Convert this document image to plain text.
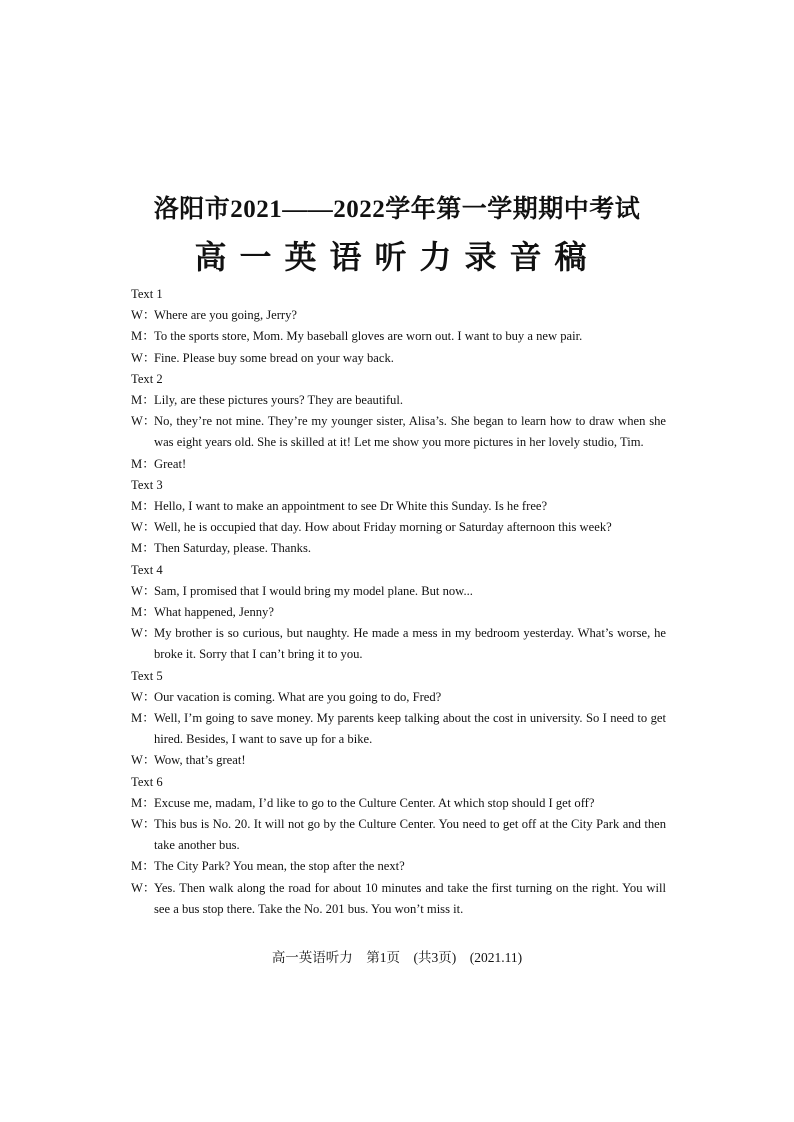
洛阳市2021——2022学年第一学期期中考试
高一英语听力录音稿
Text 1
W：
Where are you going, Jerry?
M： To the sports store, Mom. My baseball gloves are worn out. I want to buy a new pair.
W：
Fine. Please buy some bread on your way back.
Text 2
M： Lily, are these pictures yours? They are beautiful.
W：
No, they’re not mine. They’re my younger sister, Alisa’s. She began to learn how to draw when she was eight years old. She is skilled at it! Let me show you more pictures in her lovely studio, Tim.
M： Great!
Text 3
M： Hello, I want to make an appointment to see Dr White this Sunday. Is he free?
W：
Well, he is occupied that day. How about Friday morning or Saturday afternoon this week?
M： Then Saturday, please. Thanks.
Text 4
W：
Sam, I promised that I would bring my model plane. But now...
M： What happened, Jenny?
W：
My brother is so curious, but naughty. He made a mess in my bedroom yesterday. What’s worse, he broke it. Sorry that I can’t bring it to you.
Text 5
W：
Our vacation is coming. What are you going to do, Fred?
M： Well, I’m going to save money. My parents keep talking about the cost in university. So I need to get hired. Besides, I want to save up for a bike.
W：
Wow, that’s great!
Text 6
M： Excuse me, madam, I’d like to go to the Culture Center. At which stop should I get off?
W：
This bus is No. 20. It will not go by the Culture Center. You need to get off at the City Park and then take another bus.
M： The City Park? You mean, the stop after the next?
W：
Yes. Then walk along the road for about 10 minutes and take the first turning on the right. You will see a bus stop there. Take the No. 201 bus. You won’t miss it.
高一英语听力　第1页　(共3页)　(2021.11)
